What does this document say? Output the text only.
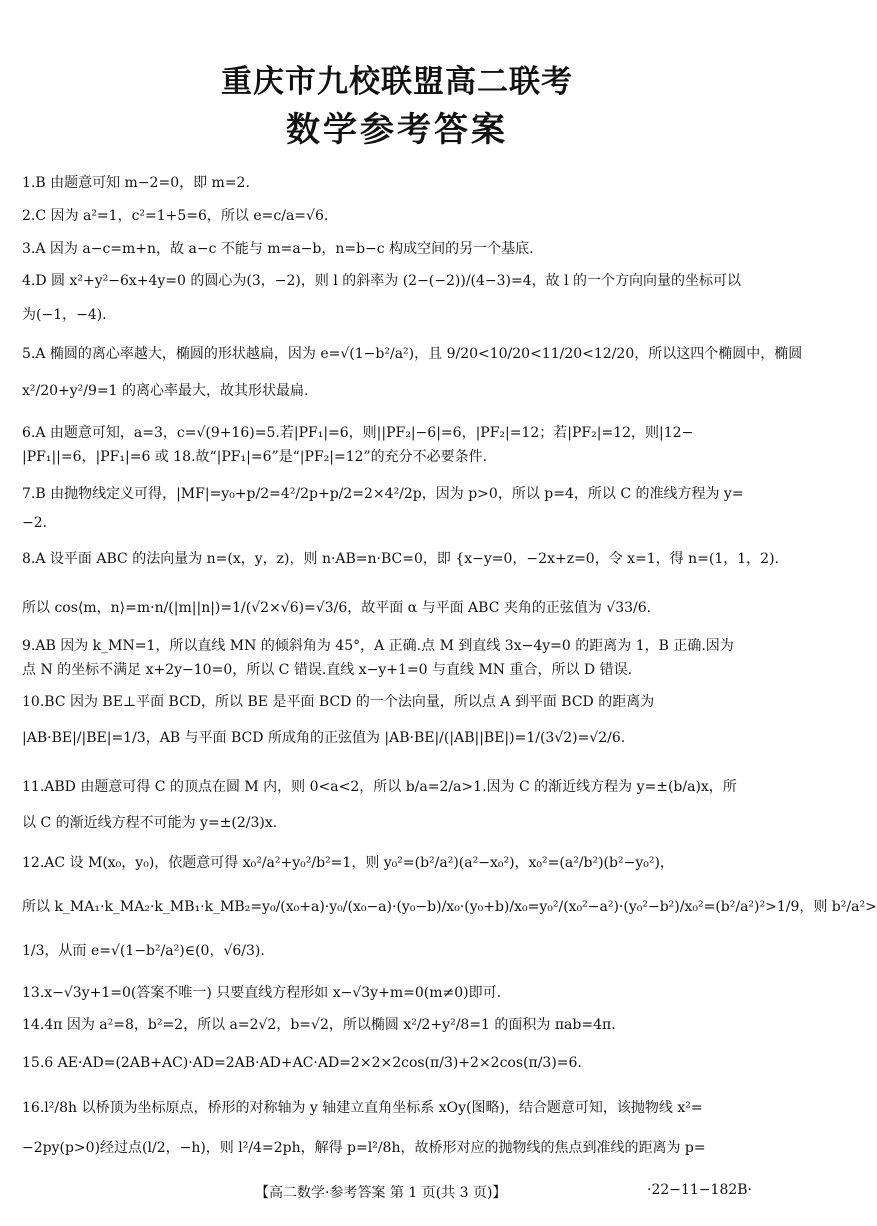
重庆市九校联盟高二联考
数学参考答案
1.B 由题意可知 m−2=0，即 m=2.
2.C 因为 a²=1，c²=1+5=6，所以 e=c/a=√6.
3.A 因为 a−c=m+n，故 a−c 不能与 m=a−b，n=b−c 构成空间的另一个基底.
4.D 圆 x²+y²−6x+4y=0 的圆心为(3，−2)，则 l 的斜率为 (2−(−2))/(4−3)=4，故 l 的一个方向向量的坐标可以
为(−1，−4).
5.A 椭圆的离心率越大，椭圆的形状越扁，因为 e=√(1−b²/a²)，且 9/20<10/20<11/20<12/20，所以这四个椭圆中，椭圆
x²/20+y²/9=1 的离心率最大，故其形状最扁.
6.A 由题意可知，a=3，c=√(9+16)=5.若|PF₁|=6，则||PF₂|−6|=6，|PF₂|=12；若|PF₂|=12，则|12−
|PF₁||=6，|PF₁|=6 或 18.故“|PF₁|=6”是“|PF₂|=12”的充分不必要条件.
7.B 由抛物线定义可得，|MF|=y₀+p/2=4²/2p+p/2=2×4²/2p，因为 p>0，所以 p=4，所以 C 的准线方程为 y=
−2.
8.A 设平面 ABC 的法向量为 n=(x，y，z)，则 n·AB=n·BC=0，即 {x−y=0，−2x+z=0，令 x=1，得 n=(1，1，2).
所以 cos⟨m，n⟩=m·n/(|m||n|)=1/(√2×√6)=√3/6，故平面 α 与平面 ABC 夹角的正弦值为 √33/6.
9.AB 因为 k_MN=1，所以直线 MN 的倾斜角为 45°，A 正确.点 M 到直线 3x−4y=0 的距离为 1，B 正确.因为
点 N 的坐标不满足 x+2y−10=0，所以 C 错误.直线 x−y+1=0 与直线 MN 重合，所以 D 错误.
10.BC 因为 BE⊥平面 BCD，所以 BE 是平面 BCD 的一个法向量，所以点 A 到平面 BCD 的距离为
|AB·BE|/|BE|=1/3，AB 与平面 BCD 所成角的正弦值为 |AB·BE|/(|AB||BE|)=1/(3√2)=√2/6.
11.ABD 由题意可得 C 的顶点在圆 M 内，则 0<a<2，所以 b/a=2/a>1.因为 C 的渐近线方程为 y=±(b/a)x，所
以 C 的渐近线方程不可能为 y=±(2/3)x.
12.AC 设 M(x₀，y₀)，依题意可得 x₀²/a²+y₀²/b²=1，则 y₀²=(b²/a²)(a²−x₀²)，x₀²=(a²/b²)(b²−y₀²)，
所以 k_MA₁·k_MA₂·k_MB₁·k_MB₂=y₀/(x₀+a)·y₀/(x₀−a)·(y₀−b)/x₀·(y₀+b)/x₀=y₀²/(x₀²−a²)·(y₀²−b²)/x₀²=(b²/a²)²>1/9，则 b²/a²>
1/3，从而 e=√(1−b²/a²)∈(0，√6/3).
13.x−√3y+1=0(答案不唯一) 只要直线方程形如 x−√3y+m=0(m≠0)即可.
14.4π 因为 a²=8，b²=2，所以 a=2√2，b=√2，所以椭圆 x²/2+y²/8=1 的面积为 πab=4π.
15.6 AE·AD=(2AB+AC)·AD=2AB·AD+AC·AD=2×2×2cos(π/3)+2×2cos(π/3)=6.
16.l²/8h 以桥顶为坐标原点，桥形的对称轴为 y 轴建立直角坐标系 xOy(图略)，结合题意可知，该抛物线 x²=
−2py(p>0)经过点(l/2，−h)，则 l²/4=2ph，解得 p=l²/8h，故桥形对应的抛物线的焦点到准线的距离为 p=
【高二数学·参考答案 第 1 页(共 3 页)】	·22−11−182B·
